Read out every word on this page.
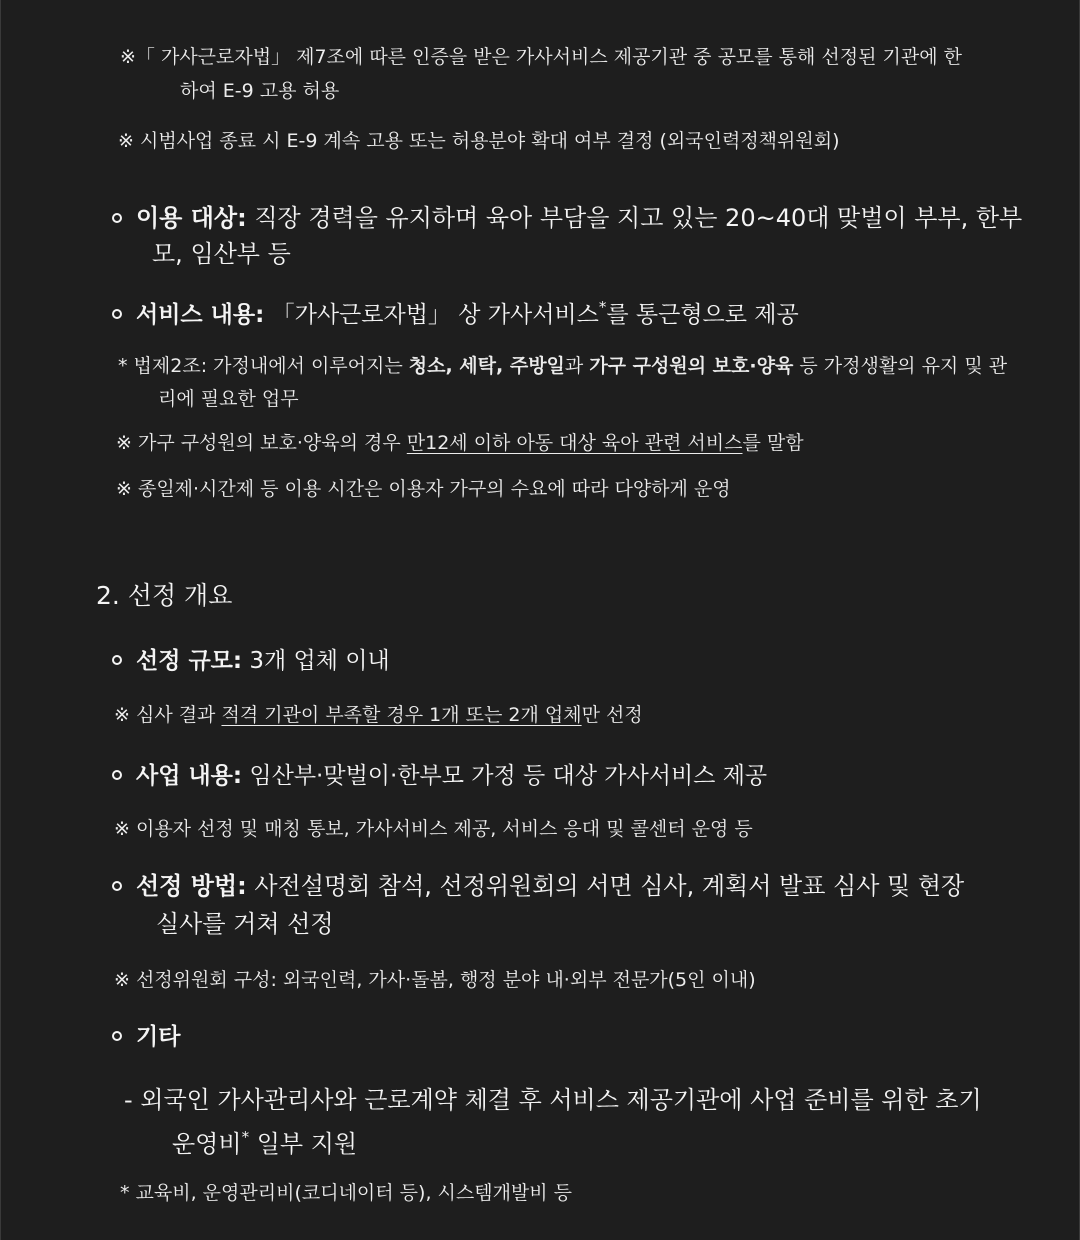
※「 가사근로자법」 제7조에 따른 인증을 받은 가사서비스 제공기관 중 공모를 통해 선정된 기관에 한
하여 E-9 고용 허용
※ 시범사업 종료 시 E-9 계속 고용 또는 허용분야 확대 여부 결정 (외국인력정책위원회)
이용 대상: 직장 경력을 유지하며 육아 부담을 지고 있는 20~40대 맞벌이 부부, 한부
모, 임산부 등
서비스 내용: 「가사근로자법」 상 가사서비스*를 통근형으로 제공
* 법제2조: 가정내에서 이루어지는 청소, 세탁, 주방일과 가구 구성원의 보호·양육 등 가정생활의 유지 및 관
리에 필요한 업무
※ 가구 구성원의 보호·양육의 경우 만12세 이하 아동 대상 육아 관련 서비스를 말함
※ 종일제·시간제 등 이용 시간은 이용자 가구의 수요에 따라 다양하게 운영
2. 선정 개요
선정 규모: 3개 업체 이내
※ 심사 결과 적격 기관이 부족할 경우 1개 또는 2개 업체만 선정
사업 내용: 임산부·맞벌이·한부모 가정 등 대상 가사서비스 제공
※ 이용자 선정 및 매칭 통보, 가사서비스 제공, 서비스 응대 및 콜센터 운영 등
선정 방법: 사전설명회 참석, 선정위원회의 서면 심사, 계획서 발표 심사 및 현장
실사를 거쳐 선정
※ 선정위원회 구성: 외국인력, 가사·돌봄, 행정 분야 내·외부 전문가(5인 이내)
기타
- 외국인 가사관리사와 근로계약 체결 후 서비스 제공기관에 사업 준비를 위한 초기
운영비* 일부 지원
* 교육비, 운영관리비(코디네이터 등), 시스템개발비 등
